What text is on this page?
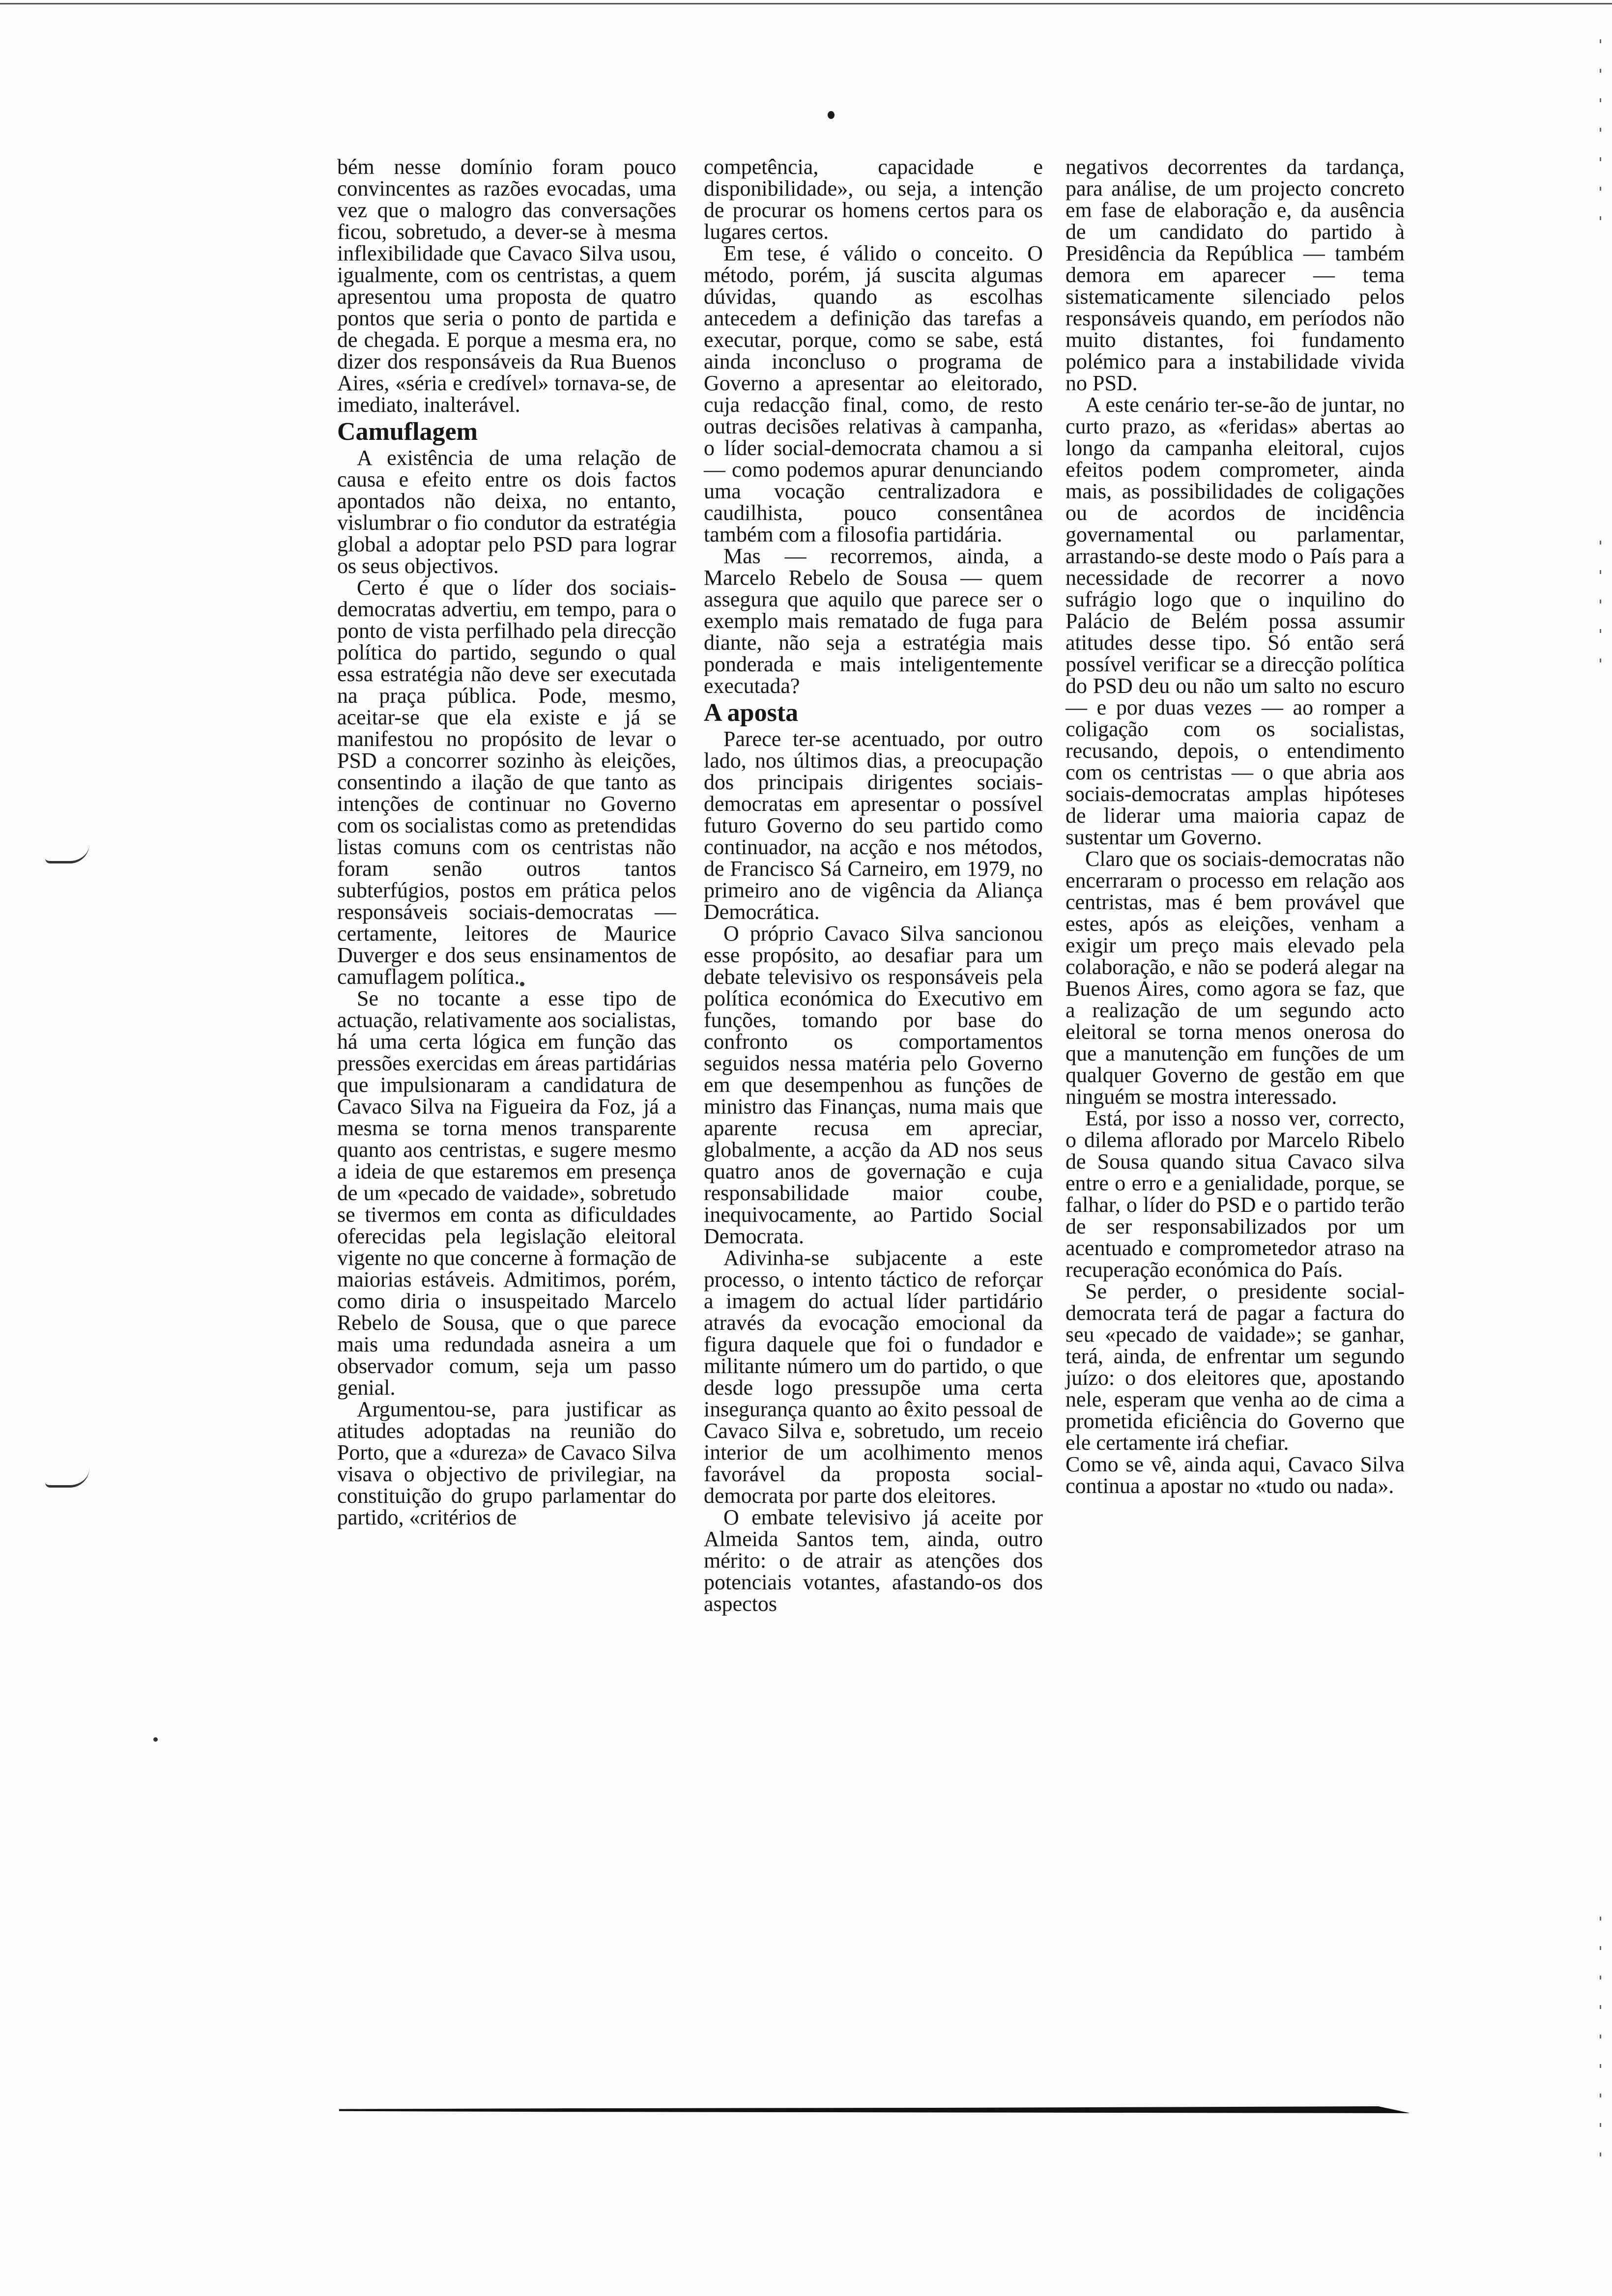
bém nesse domínio foram pouco convincentes as razões evocadas, uma vez que o malogro das conversações ficou, sobretudo, a dever-se à mesma inflexibilidade que Cavaco Silva usou, igualmente, com os centristas, a quem apresentou uma proposta de quatro pontos que seria o ponto de partida e de chegada. E porque a mesma era, no dizer dos responsáveis da Rua Buenos Aires, «séria e credível» tornava-se, de imediato, inalterável.

Camuflagem

A existência de uma relação de causa e efeito entre os dois factos apontados não deixa, no entanto, vislumbrar o fio condutor da estratégia global a adoptar pelo PSD para lograr os seus objectivos.

Certo é que o líder dos sociais-democratas advertiu, em tempo, para o ponto de vista perfilhado pela direcção política do partido, segundo o qual essa estratégia não deve ser executada na praça pública. Pode, mesmo, aceitar-se que ela existe e já se manifestou no propósito de levar o PSD a concorrer sozinho às eleições, consentindo a ilação de que tanto as intenções de continuar no Governo com os socialistas como as pretendidas listas comuns com os centristas não foram senão outros tantos subterfúgios, postos em prática pelos responsáveis sociais-democratas — certamente, leitores de Maurice Duverger e dos seus ensinamentos de camuflagem política.

Se no tocante a esse tipo de actuação, relativamente aos socialistas, há uma certa lógica em função das pressões exercidas em áreas partidárias que impulsionaram a candidatura de Cavaco Silva na Figueira da Foz, já a mesma se torna menos transparente quanto aos centristas, e sugere mesmo a ideia de que estaremos em presença de um «pecado de vaidade», sobretudo se tivermos em conta as dificuldades oferecidas pela legislação eleitoral vigente no que concerne à formação de maiorias estáveis. Admitimos, porém, como diria o insuspeitado Marcelo Rebelo de Sousa, que o que parece mais uma redundada asneira a um observador comum, seja um passo genial.

Argumentou-se, para justificar as atitudes adoptadas na reunião do Porto, que a «dureza» de Cavaco Silva visava o objectivo de privilegiar, na constituição do grupo parlamentar do partido, «critérios de

competência, capacidade e disponibilidade», ou seja, a intenção de procurar os homens certos para os lugares certos.

Em tese, é válido o conceito. O método, porém, já suscita algumas dúvidas, quando as escolhas antecedem a definição das tarefas a executar, porque, como se sabe, está ainda inconcluso o programa de Governo a apresentar ao eleitorado, cuja redacção final, como, de resto outras decisões relativas à campanha, o líder social-democrata chamou a si — como podemos apurar denunciando uma vocação centralizadora e caudilhista, pouco consentânea também com a filosofia partidária.

Mas — recorremos, ainda, a Marcelo Rebelo de Sousa — quem assegura que aquilo que parece ser o exemplo mais rematado de fuga para diante, não seja a estratégia mais ponderada e mais inteligentemente executada?

A aposta

Parece ter-se acentuado, por outro lado, nos últimos dias, a preocupação dos principais dirigentes sociais-democratas em apresentar o possível futuro Governo do seu partido como continuador, na acção e nos métodos, de Francisco Sá Carneiro, em 1979, no primeiro ano de vigência da Aliança Democrática.

O próprio Cavaco Silva sancionou esse propósito, ao desafiar para um debate televisivo os responsáveis pela política económica do Executivo em funções, tomando por base do confronto os comportamentos seguidos nessa matéria pelo Governo em que desempenhou as funções de ministro das Finanças, numa mais que aparente recusa em apreciar, globalmente, a acção da AD nos seus quatro anos de governação e cuja responsabilidade maior coube, inequivocamente, ao Partido Social Democrata.

Adivinha-se subjacente a este processo, o intento táctico de reforçar a imagem do actual líder partidário através da evocação emocional da figura daquele que foi o fundador e militante número um do partido, o que desde logo pressupõe uma certa insegurança quanto ao êxito pessoal de Cavaco Silva e, sobretudo, um receio interior de um acolhimento menos favorável da proposta social-democrata por parte dos eleitores.

O embate televisivo já aceite por Almeida Santos tem, ainda, outro mérito: o de atrair as atenções dos potenciais votantes, afastando-os dos aspectos

negativos decorrentes da tardança, para análise, de um projecto concreto em fase de elaboração e, da ausência de um candidato do partido à Presidência da República — também demora em aparecer — tema sistematicamente silenciado pelos responsáveis quando, em períodos não muito distantes, foi fundamento polémico para a instabilidade vivida no PSD.

A este cenário ter-se-ão de juntar, no curto prazo, as «feridas» abertas ao longo da campanha eleitoral, cujos efeitos podem comprometer, ainda mais, as possibilidades de coligações ou de acordos de incidência governamental ou parlamentar, arrastando-se deste modo o País para a necessidade de recorrer a novo sufrágio logo que o inquilino do Palácio de Belém possa assumir atitudes desse tipo. Só então será possível verificar se a direcção política do PSD deu ou não um salto no escuro — e por duas vezes — ao romper a coligação com os socialistas, recusando, depois, o entendimento com os centristas — o que abria aos sociais-democratas amplas hipóteses de liderar uma maioria capaz de sustentar um Governo.

Claro que os sociais-democratas não encerraram o processo em relação aos centristas, mas é bem provável que estes, após as eleições, venham a exigir um preço mais elevado pela colaboração, e não se poderá alegar na Buenos Aires, como agora se faz, que a realização de um segundo acto eleitoral se torna menos onerosa do que a manutenção em funções de um qualquer Governo de gestão em que ninguém se mostra interessado.

Está, por isso a nosso ver, correcto, o dilema aflorado por Marcelo Ribelo de Sousa quando situa Cavaco silva entre o erro e a genialidade, porque, se falhar, o líder do PSD e o partido terão de ser responsabilizados por um acentuado e comprometedor atraso na recuperação económica do País.

Se perder, o presidente social-democrata terá de pagar a factura do seu «pecado de vaidade»; se ganhar, terá, ainda, de enfrentar um segundo juízo: o dos eleitores que, apostando nele, esperam que venha ao de cima a prometida eficiência do Governo que ele certamente irá chefiar.

Como se vê, ainda aqui, Cavaco Silva continua a apostar no «tudo ou nada».
